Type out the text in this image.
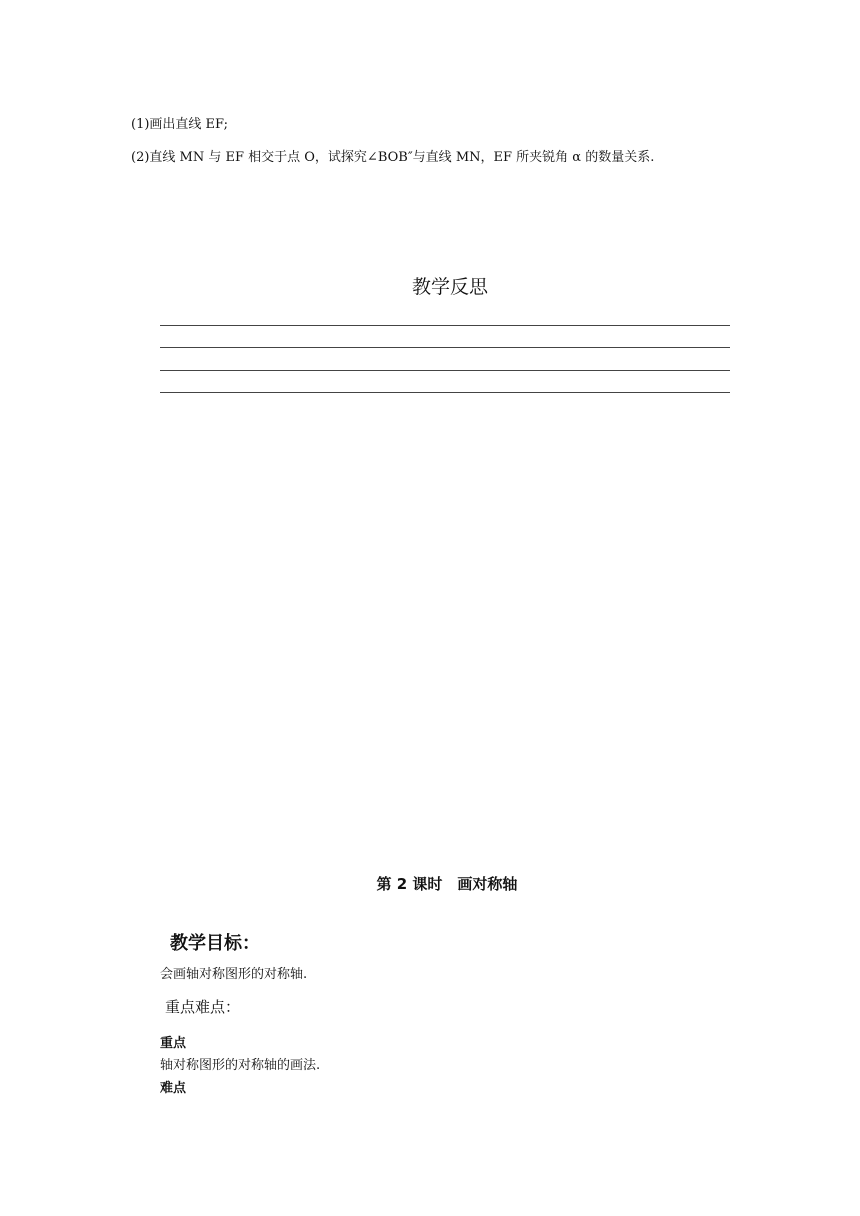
(1)画出直线 EF;
(2)直线 MN 与 EF 相交于点 O，试探究∠BOB″与直线 MN，EF 所夹锐角 α 的数量关系.
教学反思
第 2 课时　画对称轴
教学目标：
会画轴对称图形的对称轴.
重点难点：
重点
轴对称图形的对称轴的画法.
难点
